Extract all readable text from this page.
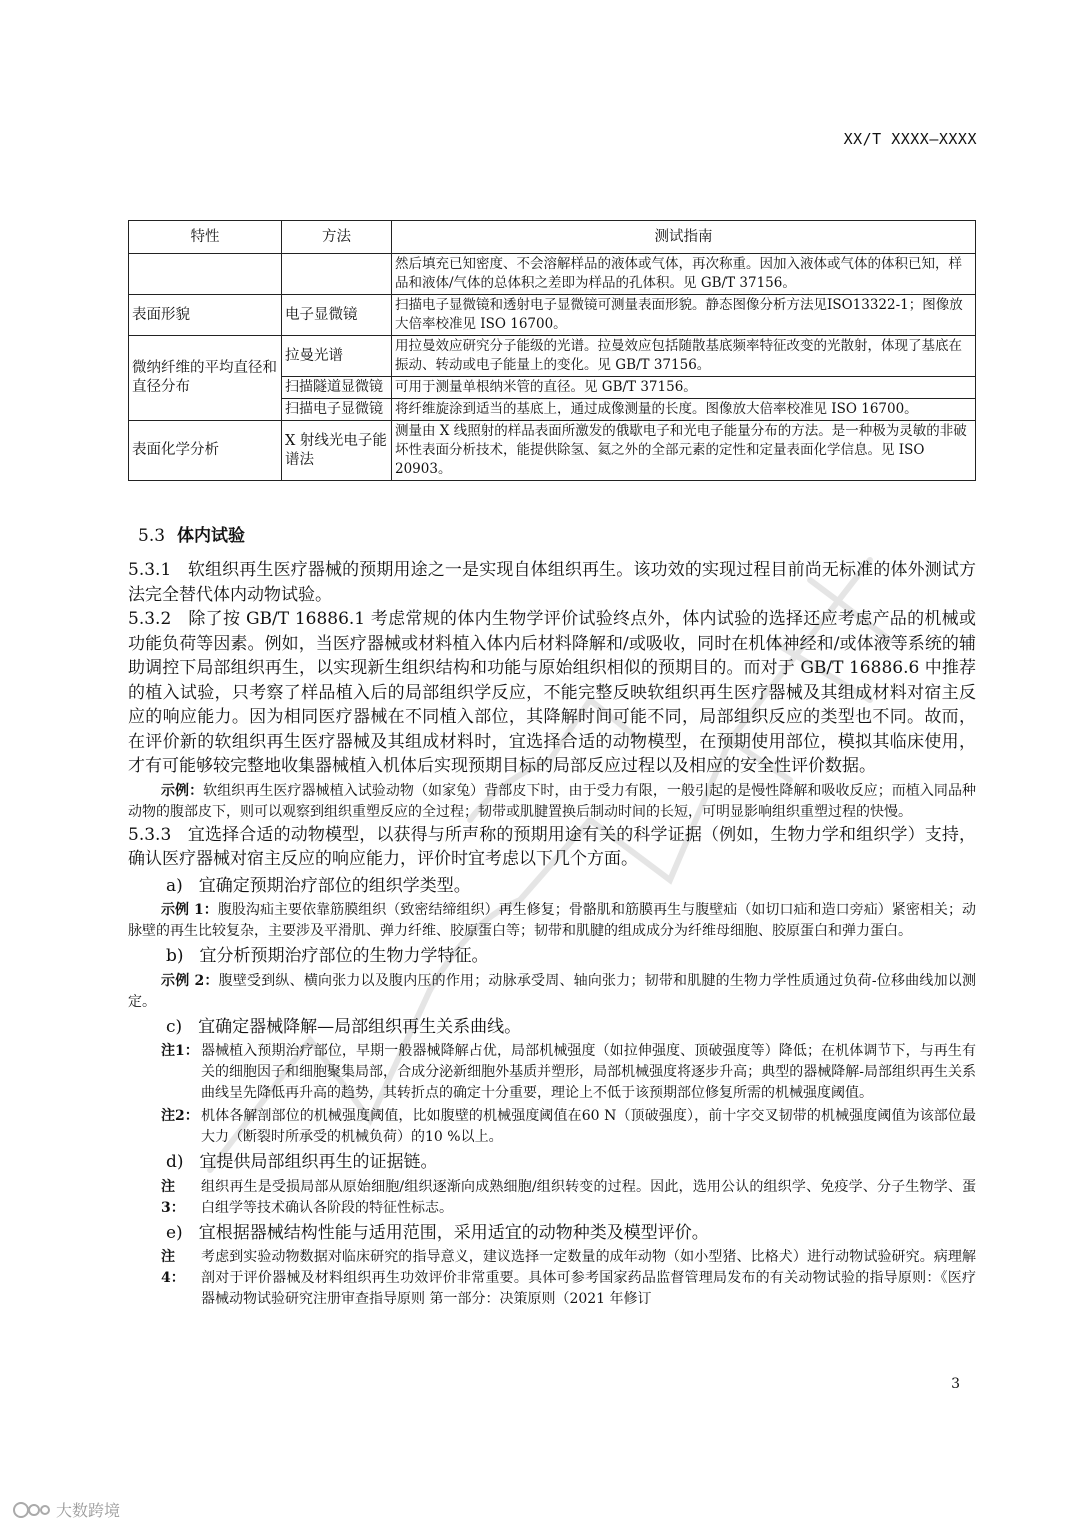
XX/T XXXX—XXXX
特性	方法	测试指南
		然后填充已知密度、不会溶解样品的液体或气体，再次称重。因加入液体或气体的体积已知，样品和液体/气体的总体积之差即为样品的孔体积。见 GB/T 37156。
表面形貌	电子显微镜	扫描电子显微镜和透射电子显微镜可测量表面形貌。静态图像分析方法见ISO13322-1；图像放大倍率校准见 ISO 16700。
微纳纤维的平均直径和直径分布	拉曼光谱	用拉曼效应研究分子能级的光谱。拉曼效应包括随散基底频率特征改变的光散射，体现了基底在振动、转动或电子能量上的变化。见 GB/T 37156。
	扫描隧道显微镜	可用于测量单根纳米管的直径。见 GB/T 37156。
	扫描电子显微镜	将纤维旋涂到适当的基底上，通过成像测量的长度。图像放大倍率校准见 ISO 16700。
表面化学分析	X 射线光电子能谱法	测量由 X 线照射的样品表面所激发的俄歇电子和光电子能量分布的方法。是一种极为灵敏的非破坏性表面分析技术，能提供除氢、氦之外的全部元素的定性和定量表面化学信息。见 ISO 20903。
5.3 体内试验

5.3.1 软组织再生医疗器械的预期用途之一是实现自体组织再生。该功效的实现过程目前尚无标准的体外测试方法完全替代体内动物试验。

5.3.2 除了按 GB/T 16886.1 考虑常规的体内生物学评价试验终点外，体内试验的选择还应考虑产品的机械或功能负荷等因素。例如，当医疗器械或材料植入体内后材料降解和/或吸收，同时在机体神经和/或体液等系统的辅助调控下局部组织再生，以实现新生组织结构和功能与原始组织相似的预期目的。而对于 GB/T 16886.6 中推荐的植入试验，只考察了样品植入后的局部组织学反应，不能完整反映软组织再生医疗器械及其组成材料对宿主反应的响应能力。因为相同医疗器械在不同植入部位，其降解时间可能不同，局部组织反应的类型也不同。故而，在评价新的软组织再生医疗器械及其组成材料时，宜选择合适的动物模型，在预期使用部位，模拟其临床使用，才有可能够较完整地收集器械植入机体后实现预期目标的局部反应过程以及相应的安全性评价数据。

示例：软组织再生医疗器械植入试验动物（如家兔）背部皮下时，由于受力有限，一般引起的是慢性降解和吸收反应；而植入同品种动物的腹部皮下，则可以观察到组织重塑反应的全过程；韧带或肌腱置换后制动时间的长短，可明显影响组织重塑过程的快慢。

5.3.3 宜选择合适的动物模型，以获得与所声称的预期用途有关的科学证据（例如，生物力学和组织学）支持，确认医疗器械对宿主反应的响应能力，评价时宜考虑以下几个方面。

a) 宜确定预期治疗部位的组织学类型。

示例 1：腹股沟疝主要依靠筋膜组织（致密结缔组织）再生修复；骨骼肌和筋膜再生与腹壁疝（如切口疝和造口旁疝）紧密相关；动脉壁的再生比较复杂，主要涉及平滑肌、弹力纤维、胶原蛋白等；韧带和肌腱的组成成分为纤维母细胞、胶原蛋白和弹力蛋白。

b) 宜分析预期治疗部位的生物力学特征。

示例 2：腹壁受到纵、横向张力以及腹内压的作用；动脉承受周、轴向张力；韧带和肌腱的生物力学性质通过负荷-位移曲线加以测定。

c) 宜确定器械降解—局部组织再生关系曲线。
注1： 器械植入预期治疗部位，早期一般器械降解占优，局部机械强度（如拉伸强度、顶破强度等）降低；在机体调节下，与再生有关的细胞因子和细胞聚集局部，合成分泌新细胞外基质并塑形，局部机械强度将逐步升高；典型的器械降解-局部组织再生关系曲线呈先降低再升高的趋势，其转折点的确定十分重要，理论上不低于该预期部位修复所需的机械强度阈值。
注2： 机体各解剖部位的机械强度阈值，比如腹壁的机械强度阈值在60 N（顶破强度），前十字交叉韧带的机械强度阈值为该部位最大力（断裂时所承受的机械负荷）的10 %以上。
d) 宜提供局部组织再生的证据链。
注 3：
组织再生是受损局部从原始细胞/组织逐渐向成熟细胞/组织转变的过程。因此，选用公认的组织学、免疫学、分子生物学、蛋白组学等技术确认各阶段的特征性标志。
e) 宜根据器械结构性能与适用范围，采用适宜的动物种类及模型评价。
注 4：
考虑到实验动物数据对临床研究的指导意义，建议选择一定数量的成年动物（如小型猪、比格犬）进行动物试验研究。病理解剖对于评价器械及材料组织再生功效评价非常重要。具体可参考国家药品监督管理局发布的有关动物试验的指导原则：《医疗器械动物试验研究注册审查指导原则 第一部分：决策原则（2021 年修订
3
大数跨境
